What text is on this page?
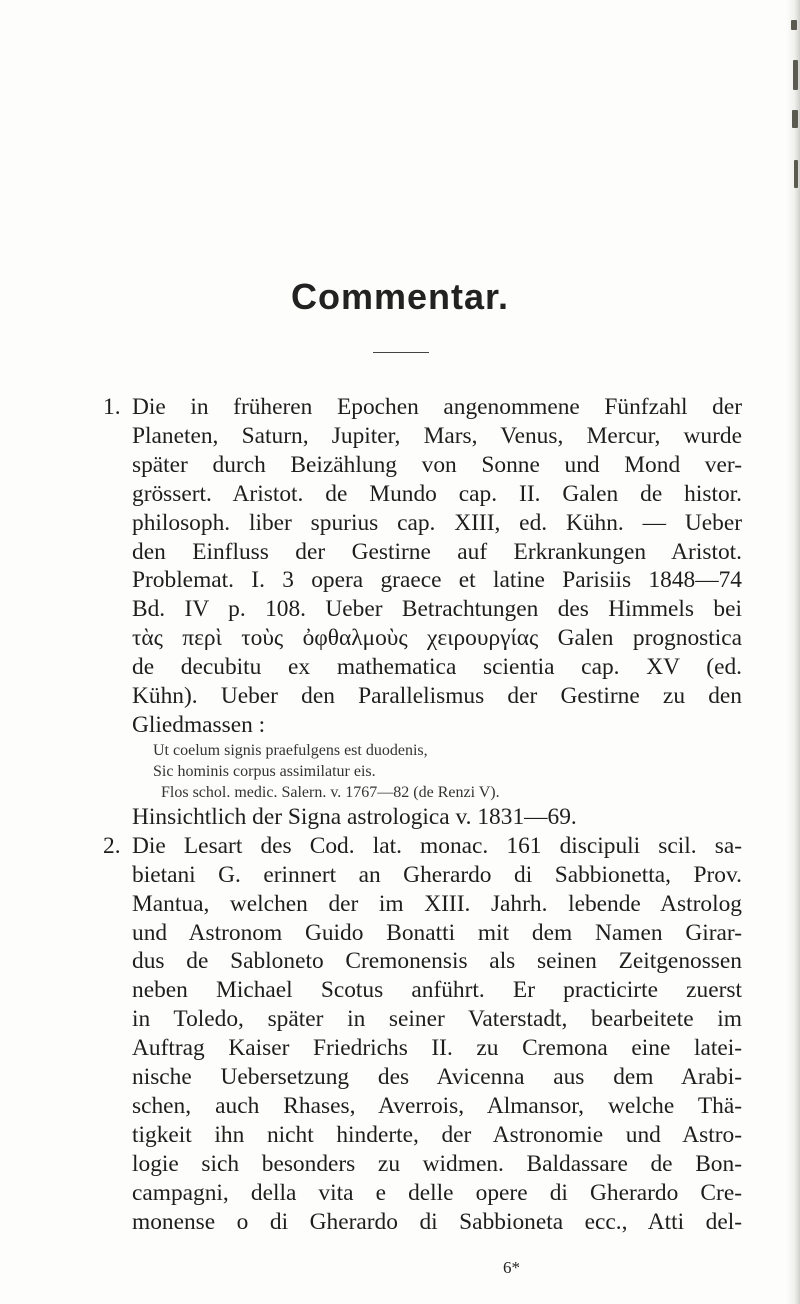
Commentar.
1. Die in früheren Epochen angenommene Fünfzahl der
Planeten, Saturn, Jupiter, Mars, Venus, Mercur, wurde
später durch Beizählung von Sonne und Mond ver-
grössert. Aristot. de Mundo cap. II. Galen de histor.
philosoph. liber spurius cap. XIII, ed. Kühn. — Ueber
den Einfluss der Gestirne auf Erkrankungen Aristot.
Problemat. I. 3 opera graece et latine Parisiis 1848—74
Bd. IV p. 108. Ueber Betrachtungen des Himmels bei
τὰς περὶ τοὺς ὀφθαλμοὺς χειρουργίας Galen prognostica
de decubitu ex mathematica scientia cap. XV (ed.
Kühn). Ueber den Parallelismus der Gestirne zu den
Gliedmassen :
Ut coelum signis praefulgens est duodenis,
Sic hominis corpus assimilatur eis.
Flos schol. medic. Salern. v. 1767—82 (de Renzi V).
Hinsichtlich der Signa astrologica v. 1831—69.
2. Die Lesart des Cod. lat. monac. 161 discipuli scil. sa-
bietani G. erinnert an Gherardo di Sabbionetta, Prov.
Mantua, welchen der im XIII. Jahrh. lebende Astrolog
und Astronom Guido Bonatti mit dem Namen Girar-
dus de Sabloneto Cremonensis als seinen Zeitgenossen
neben Michael Scotus anführt. Er practicirte zuerst
in Toledo, später in seiner Vaterstadt, bearbeitete im
Auftrag Kaiser Friedrichs II. zu Cremona eine latei-
nische Uebersetzung des Avicenna aus dem Arabi-
schen, auch Rhases, Averrois, Almansor, welche Thä-
tigkeit ihn nicht hinderte, der Astronomie und Astro-
logie sich besonders zu widmen. Baldassare de Bon-
campagni, della vita e delle opere di Gherardo Cre-
monense o di Gherardo di Sabbioneta ecc., Atti del-
6*
